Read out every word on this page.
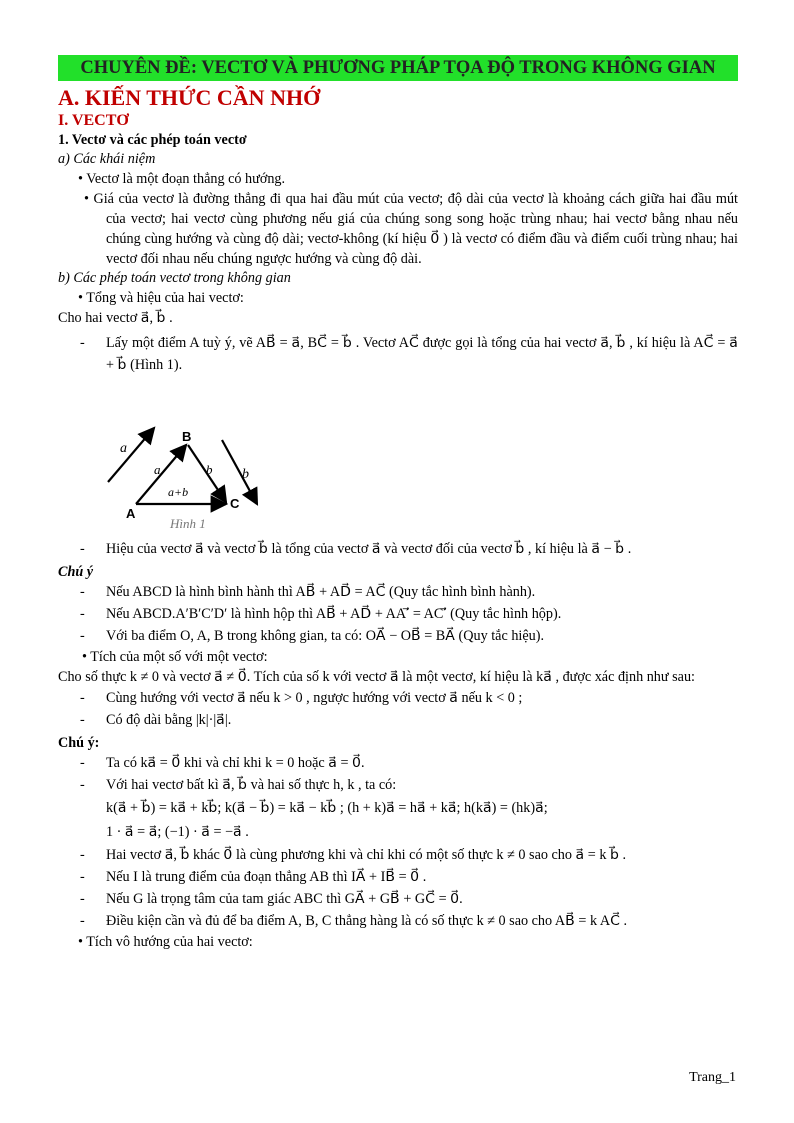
CHUYÊN ĐỀ: VECTƠ VÀ PHƯƠNG PHÁP TỌA ĐỘ TRONG KHÔNG GIAN
A. KIẾN THỨC CẦN NHỚ
I. VECTƠ
1. Vectơ và các phép toán vectơ
a) Các khái niệm

• Vectơ là một đoạn thẳng có hướng.

• Giá của vectơ là đường thẳng đi qua hai đầu mút của vectơ; độ dài của vectơ là khoảng cách giữa hai đầu mút của vectơ; hai vectơ cùng phương nếu giá của chúng song song hoặc trùng nhau; hai vectơ bằng nhau nếu chúng cùng hướng và cùng độ dài; vectơ-không (kí hiệu 0⃗ ) là vectơ có điểm đầu và điểm cuối trùng nhau; hai vectơ đối nhau nếu chúng ngược hướng và cùng độ dài.

b) Các phép toán vectơ trong không gian

• Tổng và hiệu của hai vectơ:

Cho hai vectơ a⃗, b⃗ .

- Lấy một điểm A tuỳ ý, vẽ AB⃗ = a⃗, BC⃗ = b⃗ . Vectơ AC⃗ được gọi là tổng của hai vectơ a⃗, b⃗ , kí hiệu là AC⃗ = a⃗ + b⃗ (Hình 1).

a
b
B
A
C
a	b
a+b
Hình 1

- Hiệu của vectơ a⃗ và vectơ b⃗ là tổng của vectơ a⃗ và vectơ đối của vectơ b⃗ , kí hiệu là a⃗ − b⃗ .

Chú ý

- Nếu ABCD là hình bình hành thì AB⃗ + AD⃗ = AC⃗ (Quy tắc hình bình hành).

- Nếu ABCD.A′B′C′D′ là hình hộp thì AB⃗ + AD⃗ + AA′⃗ = AC′⃗ (Quy tắc hình hộp).

- Với ba điểm O, A, B trong không gian, ta có: OA⃗ − OB⃗ = BA⃗ (Quy tắc hiệu).

• Tích của một số với một vectơ:

Cho số thực k ≠ 0 và vectơ a⃗ ≠ 0⃗. Tích của số k với vectơ a⃗ là một vectơ, kí hiệu là ka⃗ , được xác định như sau:

- Cùng hướng với vectơ a⃗ nếu k > 0 , ngược hướng với vectơ a⃗ nếu k < 0 ;

- Có độ dài bằng |k|·|a⃗|.

Chú ý:

- Ta có ka⃗ = 0⃗ khi và chỉ khi k = 0 hoặc a⃗ = 0⃗.

- Với hai vectơ bất kì a⃗, b⃗ và hai số thực h, k , ta có:

k(a⃗ + b⃗) = ka⃗ + kb⃗; k(a⃗ − b⃗) = ka⃗ − kb⃗ ; (h + k)a⃗ = ha⃗ + ka⃗; h(ka⃗) = (hk)a⃗;

1 · a⃗ = a⃗; (−1) · a⃗ = −a⃗ .

- Hai vectơ a⃗, b⃗ khác 0⃗ là cùng phương khi và chỉ khi có một số thực k ≠ 0 sao cho a⃗ = k b⃗ .

- Nếu I là trung điểm của đoạn thẳng AB thì IA⃗ + IB⃗ = 0⃗ .

- Nếu G là trọng tâm của tam giác ABC thì GA⃗ + GB⃗ + GC⃗ = 0⃗.

- Điều kiện cần và đủ để ba điểm A, B, C thẳng hàng là có số thực k ≠ 0 sao cho AB⃗ = k AC⃗ .

• Tích vô hướng của hai vectơ:

Trang_1
